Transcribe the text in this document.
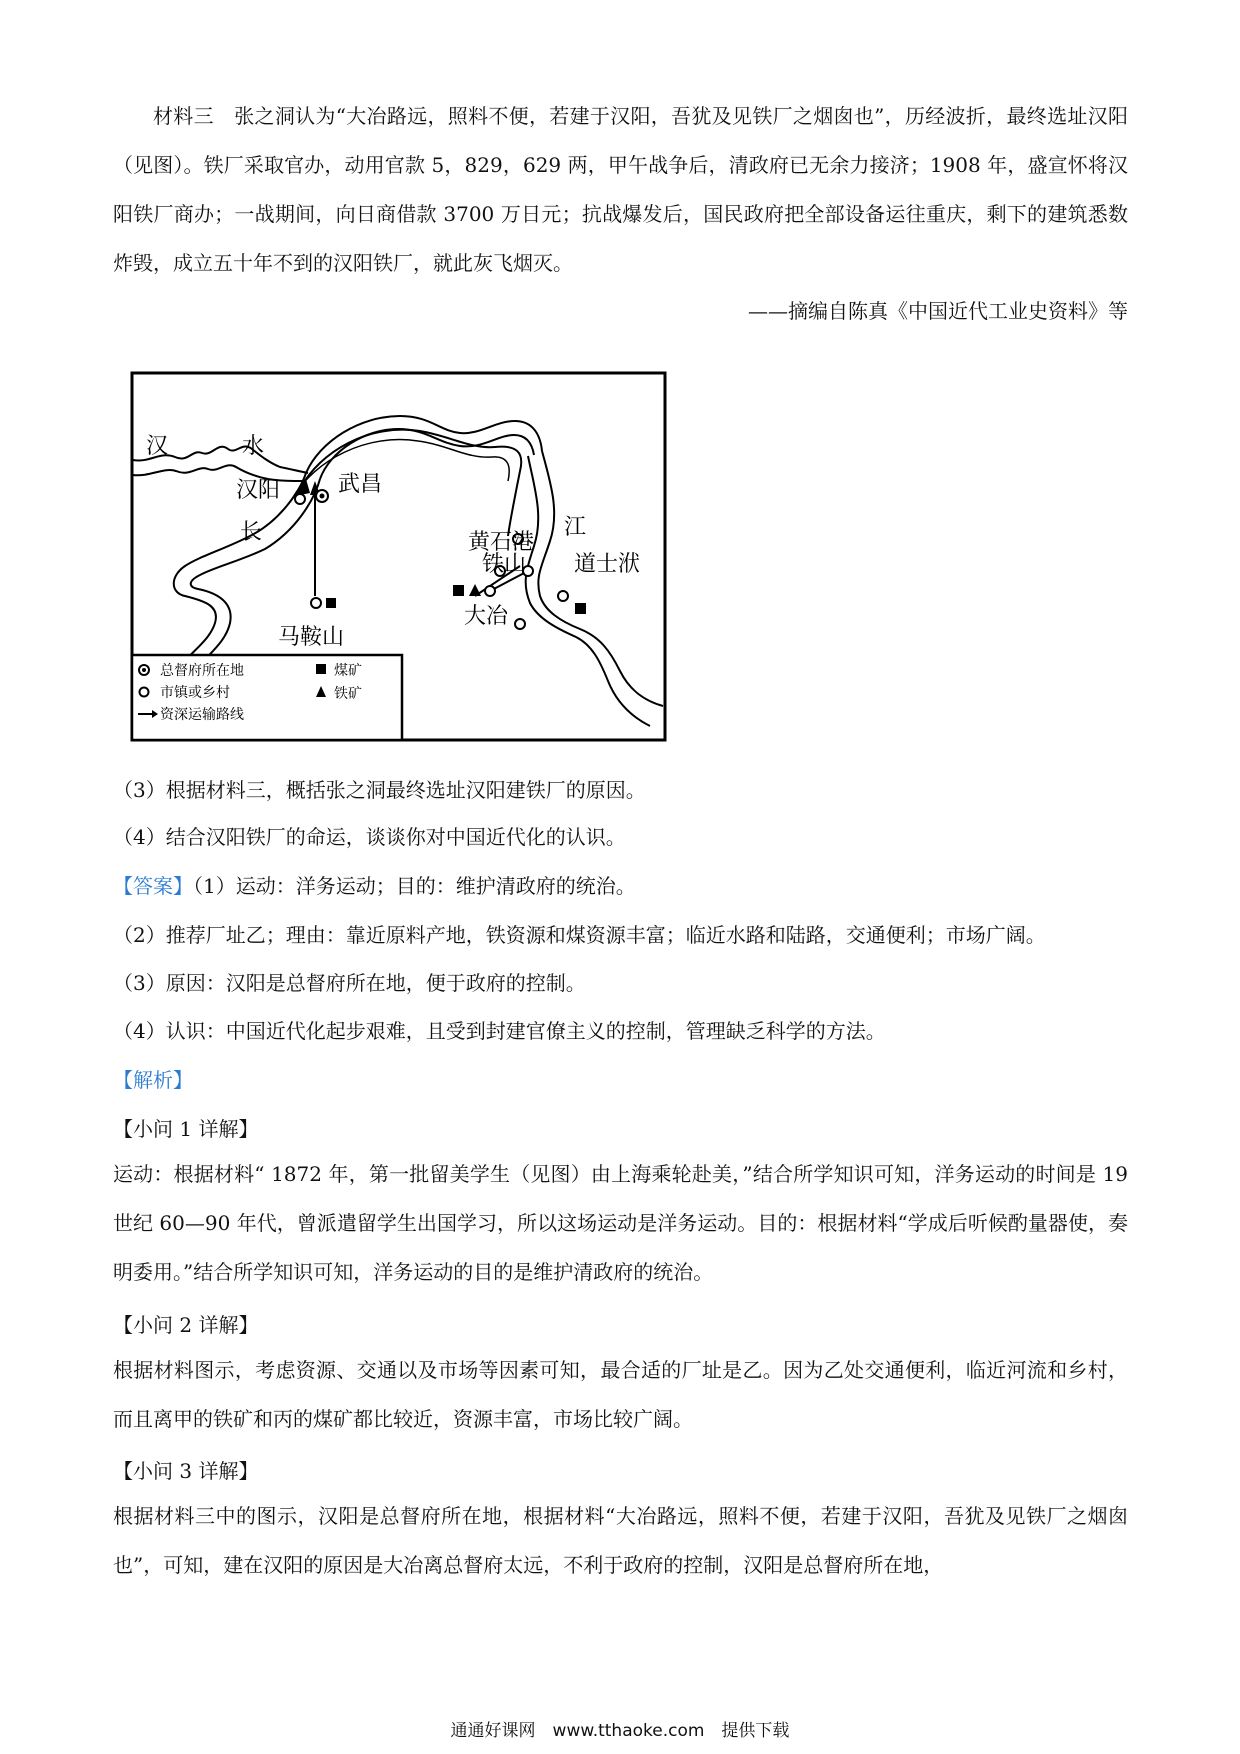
材料三　张之洞认为“大冶路远，照料不便，若建于汉阳，吾犹及见铁厂之烟囱也”，历经波折，最终选址汉阳（见图）。铁厂采取官办，动用官款 5，829，629 两，甲午战争后，清政府已无余力接济；1908 年，盛宣怀将汉阳铁厂商办；一战期间，向日商借款 3700 万日元；抗战爆发后，国民政府把全部设备运往重庆，剩下的建筑悉数炸毁，成立五十年不到的汉阳铁厂，就此灰飞烟灭。

——摘编自陈真《中国近代工业史资料》等
汉	水
汉阳	武昌
长	江
黄石港
铁山 道士洑
大冶
马鞍山
总督府所在地
市镇或乡村
资深运输路线
煤矿
铁矿
（3）根据材料三，概括张之洞最终选址汉阳建铁厂的原因。
（4）结合汉阳铁厂的命运，谈谈你对中国近代化的认识。
【答案】（1）运动：洋务运动；目的：维护清政府的统治。
（2）推荐厂址乙；理由：靠近原料产地，铁资源和煤资源丰富；临近水路和陆路，交通便利；市场广阔。
（3）原因：汉阳是总督府所在地，便于政府的控制。
（4）认识：中国近代化起步艰难，且受到封建官僚主义的控制，管理缺乏科学的方法。
【解析】
【小问 1 详解】

运动：根据材料“ 1872 年，第一批留美学生（见图）由上海乘轮赴美，”结合所学知识可知，洋务运动的时间是 19 世纪 60—90 年代，曾派遣留学生出国学习，所以这场运动是洋务运动。目的：根据材料“学成后听候酌量器使，奏明委用。”结合所学知识可知，洋务运动的目的是维护清政府的统治。

【小问 2 详解】

根据材料图示，考虑资源、交通以及市场等因素可知，最合适的厂址是乙。因为乙处交通便利，临近河流和乡村，而且离甲的铁矿和丙的煤矿都比较近，资源丰富，市场比较广阔。

【小问 3 详解】

根据材料三中的图示，汉阳是总督府所在地，根据材料“大冶路远，照料不便，若建于汉阳，吾犹及见铁厂之烟囱也”，可知，建在汉阳的原因是大冶离总督府太远，不利于政府的控制，汉阳是总督府所在地，

通通好课网　www.tthaoke.com　提供下载
